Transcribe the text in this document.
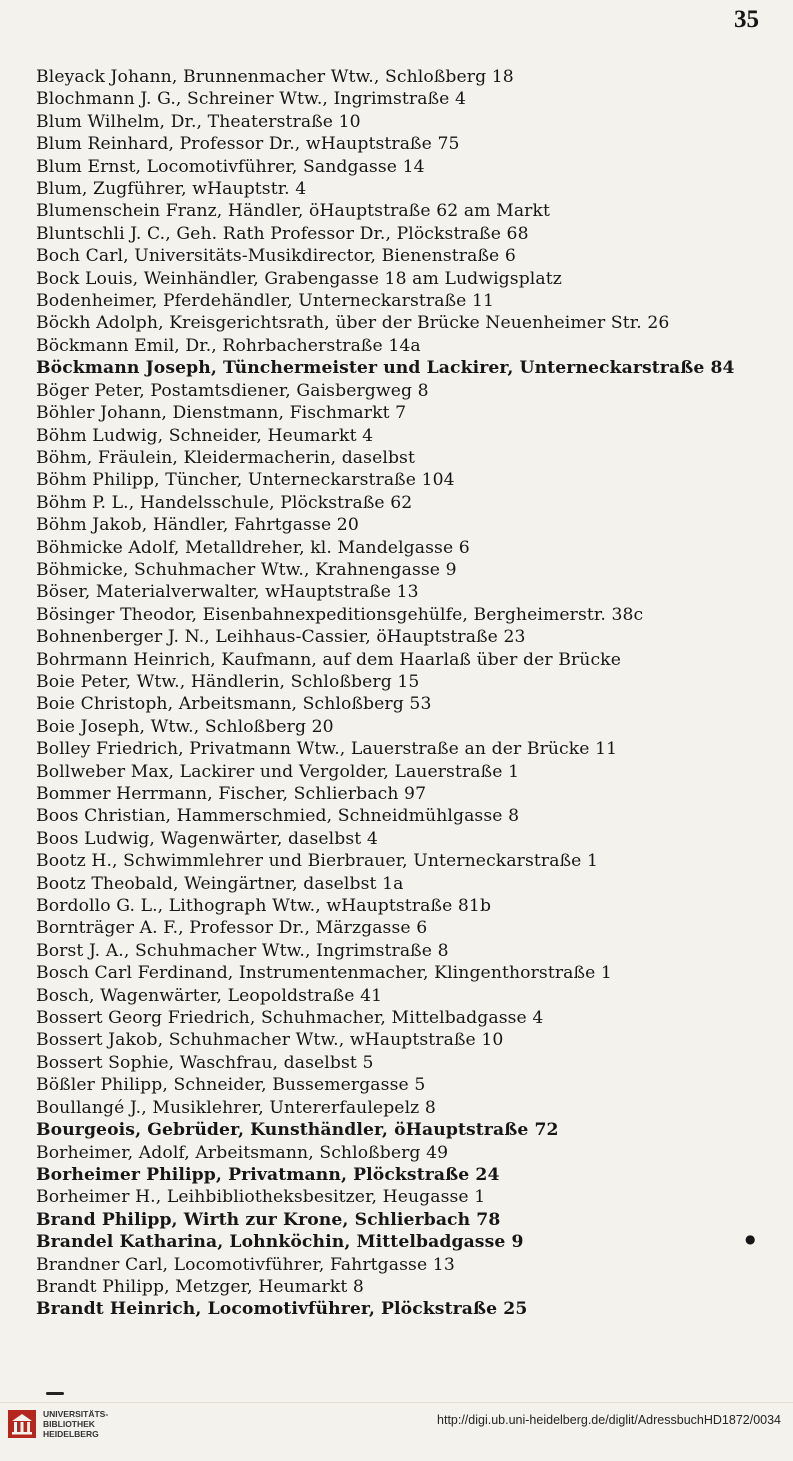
35
Bleyack Johann, Brunnenmacher Wtw., Schloßberg 18
Blochmann J. G., Schreiner Wtw., Ingrimstraße 4
Blum Wilhelm, Dr., Theaterstraße 10
Blum Reinhard, Professor Dr., wHauptstraße 75
Blum Ernst, Locomotivführer, Sandgasse 14
Blum, Zugführer, wHauptstr. 4
Blumenschein Franz, Händler, öHauptstraße 62 am Markt
Bluntschli J. C., Geh. Rath Professor Dr., Plöckstraße 68
Boch Carl, Universitäts-Musikdirector, Bienenstraße 6
Bock Louis, Weinhändler, Grabengasse 18 am Ludwigsplatz
Bodenheimer, Pferdehändler, Unterneckarstraße 11
Böckh Adolph, Kreisgerichtsrath, über der Brücke Neuenheimer Str. 26
Böckmann Emil, Dr., Rohrbacherstraße 14a
Böckmann Joseph, Tünchermeister und Lackirer, Unterneckarstraße 84
Böger Peter, Postamtsdiener, Gaisbergweg 8
Böhler Johann, Dienstmann, Fischmarkt 7
Böhm Ludwig, Schneider, Heumarkt 4
Böhm, Fräulein, Kleidermacherin, daselbst
Böhm Philipp, Tüncher, Unterneckarstraße 104
Böhm P. L., Handelsschule, Plöckstraße 62
Böhm Jakob, Händler, Fahrtgasse 20
Böhmicke Adolf, Metalldreher, kl. Mandelgasse 6
Böhmicke, Schuhmacher Wtw., Krahnengasse 9
Böser, Materialverwalter, wHauptstraße 13
Bösinger Theodor, Eisenbahnexpeditionsgehülfe, Bergheimerstr. 38c
Bohnenberger J. N., Leihhaus-Cassier, öHauptstraße 23
Bohrmann Heinrich, Kaufmann, auf dem Haarlaß über der Brücke
Boie Peter, Wtw., Händlerin, Schloßberg 15
Boie Christoph, Arbeitsmann, Schloßberg 53
Boie Joseph, Wtw., Schloßberg 20
Bolley Friedrich, Privatmann Wtw., Lauerstraße an der Brücke 11
Bollweber Max, Lackirer und Vergolder, Lauerstraße 1
Bommer Herrmann, Fischer, Schlierbach 97
Boos Christian, Hammerschmied, Schneidmühlgasse 8
Boos Ludwig, Wagenwärter, daselbst 4
Bootz H., Schwimmlehrer und Bierbrauer, Unterneckarstraße 1
Bootz Theobald, Weingärtner, daselbst 1a
Bordollo G. L., Lithograph Wtw., wHauptstraße 81b
Bornträger A. F., Professor Dr., Märzgasse 6
Borst J. A., Schuhmacher Wtw., Ingrimstraße 8
Bosch Carl Ferdinand, Instrumentenmacher, Klingenthorstraße 1
Bosch, Wagenwärter, Leopoldstraße 41
Bossert Georg Friedrich, Schuhmacher, Mittelbadgasse 4
Bossert Jakob, Schuhmacher Wtw., wHauptstraße 10
Bossert Sophie, Waschfrau, daselbst 5
Bößler Philipp, Schneider, Bussemergasse 5
Boullangé J., Musiklehrer, Untererfaulepelz 8
Bourgeois, Gebrüder, Kunsthändler, öHauptstraße 72
Borheimer, Adolf, Arbeitsmann, Schloßberg 49
Borheimer Philipp, Privatmann, Plöckstraße 24
Borheimer H., Leihbibliotheksbesitzer, Heugasse 1
Brand Philipp, Wirth zur Krone, Schlierbach 78
Brandel Katharina, Lohnköchin, Mittelbadgasse 9
Brandner Carl, Locomotivführer, Fahrtgasse 13
Brandt Philipp, Metzger, Heumarkt 8
Brandt Heinrich, Locomotivführer, Plöckstraße 25
●
UNIVERSITÄTS-
BIBLIOTHEK
HEIDELBERG
http://digi.ub.uni-heidelberg.de/diglit/AdressbuchHD1872/0034
